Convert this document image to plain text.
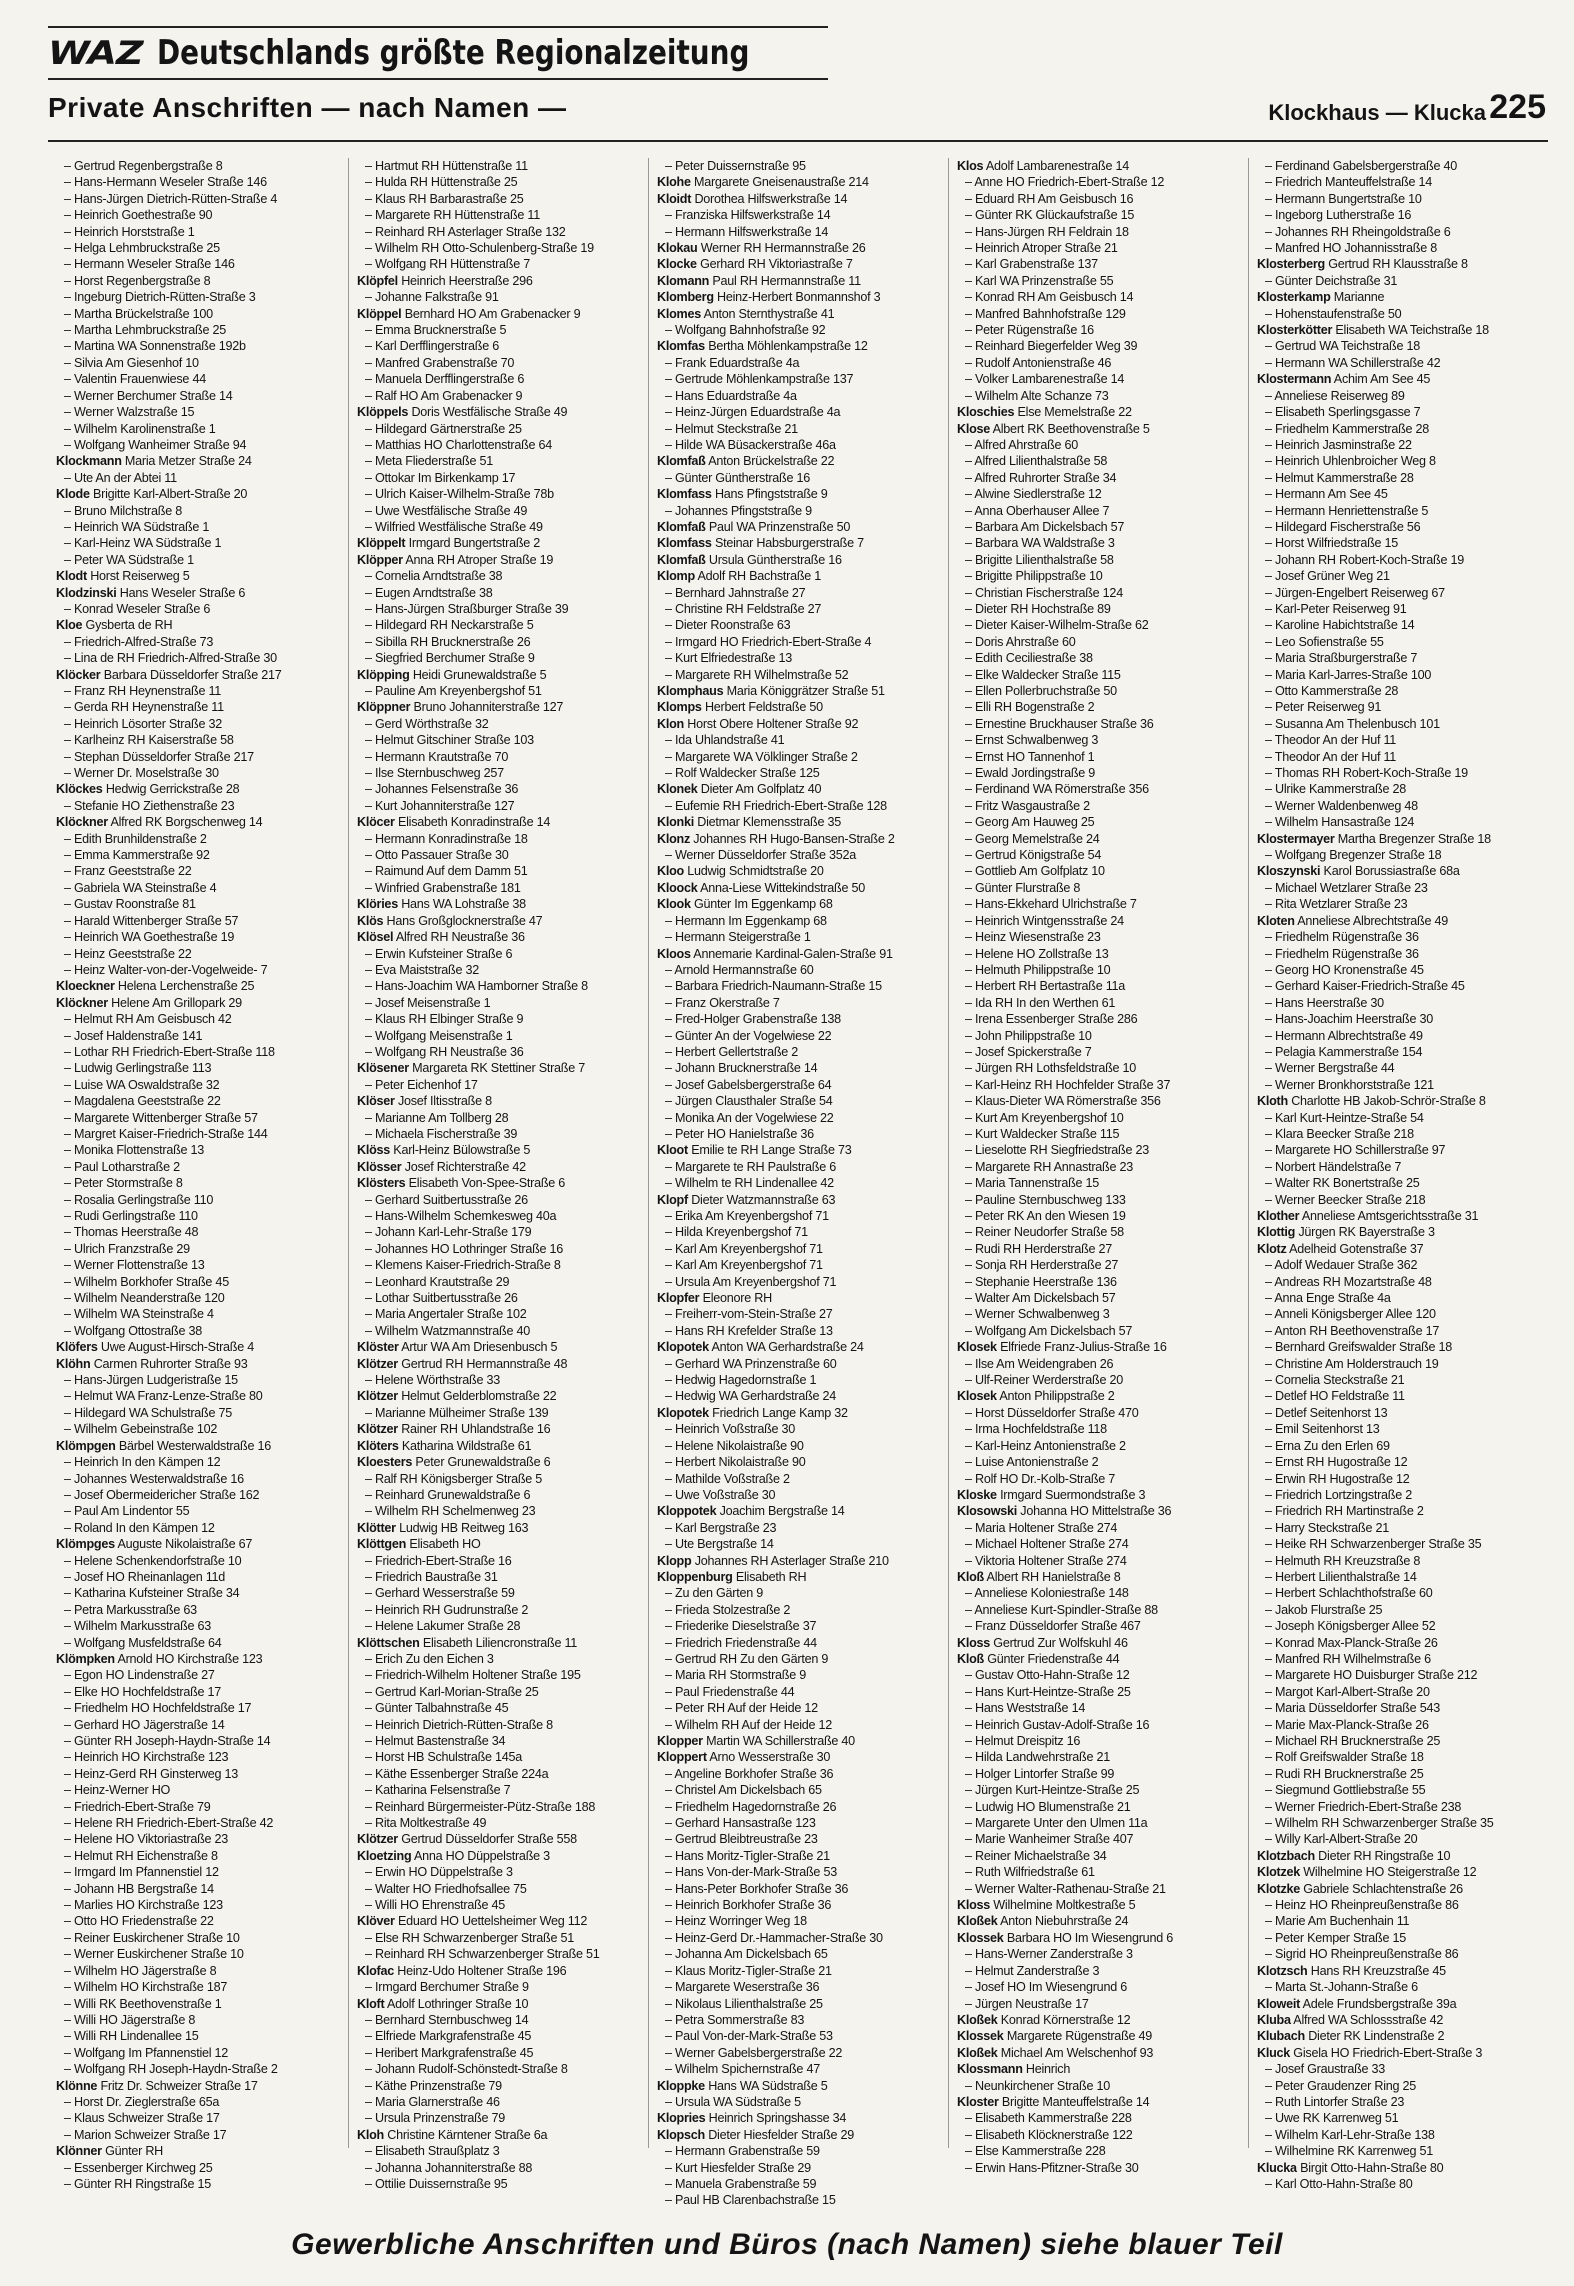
WAZ Deutschlands größte Regionalzeitung
Private Anschriften — nach Namen —	Klockhaus — Klucka 225
– Gertrud Regenbergstraße 8
– Hans-Hermann Weseler Straße 146
– Hans-Jürgen Dietrich-Rütten-Straße 4
– Heinrich Goethestraße 90
– Heinrich Horststraße 1
– Helga Lehmbruckstraße 25
– Hermann Weseler Straße 146
– Horst Regenbergstraße 8
– Ingeburg Dietrich-Rütten-Straße 3
– Martha Brückelstraße 100
– Martha Lehmbruckstraße 25
– Martina WA Sonnenstraße 192b
– Silvia Am Giesenhof 10
– Valentin Frauenwiese 44
– Werner Berchumer Straße 14
– Werner Walzstraße 15
– Wilhelm Karolinenstraße 1
– Wolfgang Wanheimer Straße 94
Klockmann Maria Metzer Straße 24
– Ute An der Abtei 11
Klode Brigitte Karl-Albert-Straße 20
– Bruno Milchstraße 8
– Heinrich WA Südstraße 1
– Karl-Heinz WA Südstraße 1
– Peter WA Südstraße 1
Klodt Horst Reiserweg 5
Klodzinski Hans Weseler Straße 6
– Konrad Weseler Straße 6
Kloe Gysberta de RH
– Friedrich-Alfred-Straße 73
– Lina de RH Friedrich-Alfred-Straße 30
Klöcker Barbara Düsseldorfer Straße 217
– Franz RH Heynenstraße 11
– Gerda RH Heynenstraße 11
– Heinrich Lösorter Straße 32
– Karlheinz RH Kaiserstraße 58
– Stephan Düsseldorfer Straße 217
– Werner Dr. Moselstraße 30
Klöckes Hedwig Gerrickstraße 28
– Stefanie HO Ziethenstraße 23
Klöckner Alfred RK Borgschenweg 14
– Edith Brunhildenstraße 2
– Emma Kammerstraße 92
– Franz Geeststraße 22
– Gabriela WA Steinstraße 4
– Gustav Roonstraße 81
– Harald Wittenberger Straße 57
– Heinrich WA Goethestraße 19
– Heinz Geeststraße 22
– Heinz Walter-von-der-Vogelweide- 7
Kloeckner Helena Lerchenstraße 25
Klöckner Helene Am Grillopark 29
– Helmut RH Am Geisbusch 42
– Josef Haldenstraße 141
– Lothar RH Friedrich-Ebert-Straße 118
– Ludwig Gerlingstraße 113
– Luise WA Oswaldstraße 32
– Magdalena Geeststraße 22
– Margarete Wittenberger Straße 57
– Margret Kaiser-Friedrich-Straße 144
– Monika Flottenstraße 13
– Paul Lotharstraße 2
– Peter Stormstraße 8
– Rosalia Gerlingstraße 110
– Rudi Gerlingstraße 110
– Thomas Heerstraße 48
– Ulrich Franzstraße 29
– Werner Flottenstraße 13
– Wilhelm Borkhofer Straße 45
– Wilhelm Neanderstraße 120
– Wilhelm WA Steinstraße 4
– Wolfgang Ottostraße 38
Klöfers Uwe August-Hirsch-Straße 4
Klöhn Carmen Ruhrorter Straße 93
– Hans-Jürgen Ludgeristraße 15
– Helmut WA Franz-Lenze-Straße 80
– Hildegard WA Schulstraße 75
– Wilhelm Gebeinstraße 102
Klömpgen Bärbel Westerwaldstraße 16
– Heinrich In den Kämpen 12
– Johannes Westerwaldstraße 16
– Josef Obermeidericher Straße 162
– Paul Am Lindentor 55
– Roland In den Kämpen 12
Klömpges Auguste Nikolaistraße 67
– Helene Schenkendorfstraße 10
– Josef HO Rheinanlagen 11d
– Katharina Kufsteiner Straße 34
– Petra Markusstraße 63
– Wilhelm Markusstraße 63
– Wolfgang Musfeldstraße 64
Klömpken Arnold HO Kirchstraße 123
– Egon HO Lindenstraße 27
– Elke HO Hochfeldstraße 17
– Friedhelm HO Hochfeldstraße 17
– Gerhard HO Jägerstraße 14
– Günter RH Joseph-Haydn-Straße 14
– Heinrich HO Kirchstraße 123
– Heinz-Gerd RH Ginsterweg 13
– Heinz-Werner HO
– Friedrich-Ebert-Straße 79
– Helene RH Friedrich-Ebert-Straße 42
– Helene HO Viktoriastraße 23
– Helmut RH Eichenstraße 8
– Irmgard Im Pfannenstiel 12
– Johann HB Bergstraße 14
– Marlies HO Kirchstraße 123
– Otto HO Friedenstraße 22
– Reiner Euskirchener Straße 10
– Werner Euskirchener Straße 10
– Wilhelm HO Jägerstraße 8
– Wilhelm HO Kirchstraße 187
– Willi RK Beethovenstraße 1
– Willi HO Jägerstraße 8
– Willi RH Lindenallee 15
– Wolfgang Im Pfannenstiel 12
– Wolfgang RH Joseph-Haydn-Straße 2
Klönne Fritz Dr. Schweizer Straße 17
– Horst Dr. Zieglerstraße 65a
– Klaus Schweizer Straße 17
– Marion Schweizer Straße 17
Klönner Günter RH
– Essenberger Kirchweg 25
– Günter RH Ringstraße 15
– Hartmut RH Hüttenstraße 11
– Hulda RH Hüttenstraße 25
– Klaus RH Barbarastraße 25
– Margarete RH Hüttenstraße 11
– Reinhard RH Asterlager Straße 132
– Wilhelm RH Otto-Schulenberg-Straße 19
– Wolfgang RH Hüttenstraße 7
Klöpfel Heinrich Heerstraße 296
– Johanne Falkstraße 91
Klöppel Bernhard HO Am Grabenacker 9
– Emma Brucknerstraße 5
– Karl Derfflingerstraße 6
– Manfred Grabenstraße 70
– Manuela Derfflingerstraße 6
– Ralf HO Am Grabenacker 9
Klöppels Doris Westfälische Straße 49
– Hildegard Gärtnerstraße 25
– Matthias HO Charlottenstraße 64
– Meta Fliederstraße 51
– Ottokar Im Birkenkamp 17
– Ulrich Kaiser-Wilhelm-Straße 78b
– Uwe Westfälische Straße 49
– Wilfried Westfälische Straße 49
Klöppelt Irmgard Bungertstraße 2
Klöpper Anna RH Atroper Straße 19
– Cornelia Arndtstraße 38
– Eugen Arndtstraße 38
– Hans-Jürgen Straßburger Straße 39
– Hildegard RH Neckarstraße 5
– Sibilla RH Brucknerstraße 26
– Siegfried Berchumer Straße 9
Klöpping Heidi Grunewaldstraße 5
– Pauline Am Kreyenbergshof 51
Klöppner Bruno Johanniterstraße 127
– Gerd Wörthstraße 32
– Helmut Gitschiner Straße 103
– Hermann Krautstraße 70
– Ilse Sternbuschweg 257
– Johannes Felsenstraße 36
– Kurt Johanniterstraße 127
Klöcer Elisabeth Konradinstraße 14
– Hermann Konradinstraße 18
– Otto Passauer Straße 30
– Raimund Auf dem Damm 51
– Winfried Grabenstraße 181
Klöries Hans WA Lohstraße 38
Klös Hans Großglocknerstraße 47
Klösel Alfred RH Neustraße 36
– Erwin Kufsteiner Straße 6
– Eva Maiststraße 32
– Hans-Joachim WA Hamborner Straße 8
– Josef Meisenstraße 1
– Klaus RH Elbinger Straße 9
– Wolfgang Meisenstraße 1
– Wolfgang RH Neustraße 36
Klösener Margareta RK Stettiner Straße 7
– Peter Eichenhof 17
Klöser Josef Iltisstraße 8
– Marianne Am Tollberg 28
– Michaela Fischerstraße 39
Klöss Karl-Heinz Bülowstraße 5
Klösser Josef Richterstraße 42
Klösters Elisabeth Von-Spee-Straße 6
– Gerhard Suitbertusstraße 26
– Hans-Wilhelm Schemkesweg 40a
– Johann Karl-Lehr-Straße 179
– Johannes HO Lothringer Straße 16
– Klemens Kaiser-Friedrich-Straße 8
– Leonhard Krautstraße 29
– Lothar Suitbertusstraße 26
– Maria Angertaler Straße 102
– Wilhelm Watzmannstraße 40
Klöster Artur WA Am Driesenbusch 5
Klötzer Gertrud RH Hermannstraße 48
– Helene Wörthstraße 33
Klötzer Helmut Gelderblomstraße 22
– Marianne Mülheimer Straße 139
Klötzer Rainer RH Uhlandstraße 16
Klöters Katharina Wildstraße 61
Kloesters Peter Grunewaldstraße 6
– Ralf RH Königsberger Straße 5
– Reinhard Grunewaldstraße 6
– Wilhelm RH Schelmenweg 23
Klötter Ludwig HB Reitweg 163
Klöttgen Elisabeth HO
– Friedrich-Ebert-Straße 16
– Friedrich Baustraße 31
– Gerhard Wesserstraße 59
– Heinrich RH Gudrunstraße 2
– Helene Lakumer Straße 28
Klöttschen Elisabeth Liliencronstraße 11
– Erich Zu den Eichen 3
– Friedrich-Wilhelm Holtener Straße 195
– Gertrud Karl-Morian-Straße 25
– Günter Talbahnstraße 45
– Heinrich Dietrich-Rütten-Straße 8
– Helmut Bastenstraße 34
– Horst HB Schulstraße 145a
– Käthe Essenberger Straße 224a
– Katharina Felsenstraße 7
– Reinhard Bürgermeister-Pütz-Straße 188
– Rita Moltkestraße 49
Klötzer Gertrud Düsseldorfer Straße 558
Kloetzing Anna HO Düppelstraße 3
– Erwin HO Düppelstraße 3
– Walter HO Friedhofsallee 75
– Willi HO Ehrenstraße 45
Klöver Eduard HO Uettelsheimer Weg 112
– Else RH Schwarzenberger Straße 51
– Reinhard RH Schwarzenberger Straße 51
Klofac Heinz-Udo Holtener Straße 196
– Irmgard Berchumer Straße 9
Kloft Adolf Lothringer Straße 10
– Bernhard Sternbuschweg 14
– Elfriede Markgrafenstraße 45
– Heribert Markgrafenstraße 45
– Johann Rudolf-Schönstedt-Straße 8
– Käthe Prinzenstraße 79
– Maria Glarnerstraße 46
– Ursula Prinzenstraße 79
Kloh Christine Kärntener Straße 6a
– Elisabeth Straußplatz 3
– Johanna Johanniterstraße 88
– Ottilie Duissernstraße 95
– Peter Duissernstraße 95
Klohe Margarete Gneisenaustraße 214
Kloidt Dorothea Hilfswerkstraße 14
– Franziska Hilfswerkstraße 14
– Hermann Hilfswerkstraße 14
Klokau Werner RH Hermannstraße 26
Klocke Gerhard RH Viktoriastraße 7
Klomann Paul RH Hermannstraße 11
Klomberg Heinz-Herbert Bonmannshof 3
Klomes Anton Sternthystraße 41
– Wolfgang Bahnhofstraße 92
Klomfas Bertha Möhlenkampstraße 12
– Frank Eduardstraße 4a
– Gertrude Möhlenkampstraße 137
– Hans Eduardstraße 4a
– Heinz-Jürgen Eduardstraße 4a
– Helmut Steckstraße 21
– Hilde WA Büsackerstraße 46a
Klomfaß Anton Brückelstraße 22
– Günter Güntherstraße 16
Klomfass Hans Pfingststraße 9
– Johannes Pfingststraße 9
Klomfaß Paul WA Prinzenstraße 50
Klomfass Steinar Habsburgerstraße 7
Klomfaß Ursula Güntherstraße 16
Klomp Adolf RH Bachstraße 1
– Bernhard Jahnstraße 27
– Christine RH Feldstraße 27
– Dieter Roonstraße 63
– Irmgard HO Friedrich-Ebert-Straße 4
– Kurt Elfriedestraße 13
– Margarete RH Wilhelmstraße 52
Klomphaus Maria Königgrätzer Straße 51
Klomps Herbert Feldstraße 50
Klon Horst Obere Holtener Straße 92
– Ida Uhlandstraße 41
– Margarete WA Völklinger Straße 2
– Rolf Waldecker Straße 125
Klonek Dieter Am Golfplatz 40
– Eufemie RH Friedrich-Ebert-Straße 128
Klonki Dietmar Klemensstraße 35
Klonz Johannes RH Hugo-Bansen-Straße 2
– Werner Düsseldorfer Straße 352a
Kloo Ludwig Schmidtstraße 20
Kloock Anna-Liese Wittekindstraße 50
Klook Günter Im Eggenkamp 68
– Hermann Im Eggenkamp 68
– Hermann Steigerstraße 1
Kloos Annemarie Kardinal-Galen-Straße 91
– Arnold Hermannstraße 60
– Barbara Friedrich-Naumann-Straße 15
– Franz Okerstraße 7
– Fred-Holger Grabenstraße 138
– Günter An der Vogelwiese 22
– Herbert Gellertstraße 2
– Johann Brucknerstraße 14
– Josef Gabelsbergerstraße 64
– Jürgen Clausthaler Straße 54
– Monika An der Vogelwiese 22
– Peter HO Hanielstraße 36
Kloot Emilie te RH Lange Straße 73
– Margarete te RH Paulstraße 6
– Wilhelm te RH Lindenallee 42
Klopf Dieter Watzmannstraße 63
– Erika Am Kreyenbergshof 71
– Hilda Kreyenbergshof 71
– Karl Am Kreyenbergshof 71
– Karl Am Kreyenbergshof 71
– Ursula Am Kreyenbergshof 71
Klopfer Eleonore RH
– Freiherr-vom-Stein-Straße 27
– Hans RH Krefelder Straße 13
Klopotek Anton WA Gerhardstraße 24
– Gerhard WA Prinzenstraße 60
– Hedwig Hagedornstraße 1
– Hedwig WA Gerhardstraße 24
Klopotek Friedrich Lange Kamp 32
– Heinrich Voßstraße 30
– Helene Nikolaistraße 90
– Herbert Nikolaistraße 90
– Mathilde Voßstraße 2
– Uwe Voßstraße 30
Kloppotek Joachim Bergstraße 14
– Karl Bergstraße 23
– Ute Bergstraße 14
Klopp Johannes RH Asterlager Straße 210
Kloppenburg Elisabeth RH
– Zu den Gärten 9
– Frieda Stolzestraße 2
– Friederike Dieselstraße 37
– Friedrich Friedenstraße 44
– Gertrud RH Zu den Gärten 9
– Maria RH Stormstraße 9
– Paul Friedenstraße 44
– Peter RH Auf der Heide 12
– Wilhelm RH Auf der Heide 12
Klopper Martin WA Schillerstraße 40
Kloppert Arno Wesserstraße 30
– Angeline Borkhofer Straße 36
– Christel Am Dickelsbach 65
– Friedhelm Hagedornstraße 26
– Gerhard Hansastraße 123
– Gertrud Bleibtreustraße 23
– Hans Moritz-Tigler-Straße 21
– Hans Von-der-Mark-Straße 53
– Hans-Peter Borkhofer Straße 36
– Heinrich Borkhofer Straße 36
– Heinz Worringer Weg 18
– Heinz-Gerd Dr.-Hammacher-Straße 30
– Johanna Am Dickelsbach 65
– Klaus Moritz-Tigler-Straße 21
– Margarete Weserstraße 36
– Nikolaus Lilienthalstraße 25
– Petra Sommerstraße 83
– Paul Von-der-Mark-Straße 53
– Werner Gabelsbergerstraße 22
– Wilhelm Spichernstraße 47
Kloppke Hans WA Südstraße 5
– Ursula WA Südstraße 5
Klopries Heinrich Springshasse 34
Klopsch Dieter Hiesfelder Straße 29
– Hermann Grabenstraße 59
– Kurt Hiesfelder Straße 29
– Manuela Grabenstraße 59
– Paul HB Clarenbachstraße 15
Klos Adolf Lambarenestraße 14
– Anne HO Friedrich-Ebert-Straße 12
– Eduard RH Am Geisbusch 16
– Günter RK Glückaufstraße 15
– Hans-Jürgen RH Feldrain 18
– Heinrich Atroper Straße 21
– Karl Grabenstraße 137
– Karl WA Prinzenstraße 55
– Konrad RH Am Geisbusch 14
– Manfred Bahnhofstraße 129
– Peter Rügenstraße 16
– Reinhard Biegerfelder Weg 39
– Rudolf Antonienstraße 46
– Volker Lambarenestraße 14
– Wilhelm Alte Schanze 73
Kloschies Else Memelstraße 22
Klose Albert RK Beethovenstraße 5
– Alfred Ahrstraße 60
– Alfred Lilienthalstraße 58
– Alfred Ruhrorter Straße 34
– Alwine Siedlerstraße 12
– Anna Oberhauser Allee 7
– Barbara Am Dickelsbach 57
– Barbara WA Waldstraße 3
– Brigitte Lilienthalstraße 58
– Brigitte Philippstraße 10
– Christian Fischerstraße 124
– Dieter RH Hochstraße 89
– Dieter Kaiser-Wilhelm-Straße 62
– Doris Ahrstraße 60
– Edith Ceciliestraße 38
– Elke Waldecker Straße 115
– Ellen Pollerbruchstraße 50
– Elli RH Bogenstraße 2
– Ernestine Bruckhauser Straße 36
– Ernst Schwalbenweg 3
– Ernst HO Tannenhof 1
– Ewald Jordingstraße 9
– Ferdinand WA Römerstraße 356
– Fritz Wasgaustraße 2
– Georg Am Hauweg 25
– Georg Memelstraße 24
– Gertrud Königstraße 54
– Gottlieb Am Golfplatz 10
– Günter Flurstraße 8
– Hans-Ekkehard Ulrichstraße 7
– Heinrich Wintgensstraße 24
– Heinz Wiesenstraße 23
– Helene HO Zollstraße 13
– Helmuth Philippstraße 10
– Herbert RH Bertastraße 11a
– Ida RH In den Werthen 61
– Irena Essenberger Straße 286
– John Philippstraße 10
– Josef Spickerstraße 7
– Jürgen RH Lothsfeldstraße 10
– Karl-Heinz RH Hochfelder Straße 37
– Klaus-Dieter WA Römerstraße 356
– Kurt Am Kreyenbergshof 10
– Kurt Waldecker Straße 115
– Lieselotte RH Siegfriedstraße 23
– Margarete RH Annastraße 23
– Maria Tannenstraße 15
– Pauline Sternbuschweg 133
– Peter RK An den Wiesen 19
– Reiner Neudorfer Straße 58
– Rudi RH Herderstraße 27
– Sonja RH Herderstraße 27
– Stephanie Heerstraße 136
– Walter Am Dickelsbach 57
– Werner Schwalbenweg 3
– Wolfgang Am Dickelsbach 57
Klosek Elfriede Franz-Julius-Straße 16
– Ilse Am Weidengraben 26
– Ulf-Reiner Werderstraße 20
Klosek Anton Philippstraße 2
– Horst Düsseldorfer Straße 470
– Irma Hochfeldstraße 118
– Karl-Heinz Antonienstraße 2
– Luise Antonienstraße 2
– Rolf HO Dr.-Kolb-Straße 7
Kloske Irmgard Suermondstraße 3
Klosowski Johanna HO Mittelstraße 36
– Maria Holtener Straße 274
– Michael Holtener Straße 274
– Viktoria Holtener Straße 274
Kloß Albert RH Hanielstraße 8
– Anneliese Koloniestraße 148
– Anneliese Kurt-Spindler-Straße 88
– Franz Düsseldorfer Straße 467
Kloss Gertrud Zur Wolfskuhl 46
Kloß Günter Friedenstraße 44
– Gustav Otto-Hahn-Straße 12
– Hans Kurt-Heintze-Straße 25
– Hans Weststraße 14
– Heinrich Gustav-Adolf-Straße 16
– Helmut Dreispitz 16
– Hilda Landwehrstraße 21
– Holger Lintorfer Straße 99
– Jürgen Kurt-Heintze-Straße 25
– Ludwig HO Blumenstraße 21
– Margarete Unter den Ulmen 11a
– Marie Wanheimer Straße 407
– Reiner Michaelstraße 34
– Ruth Wilfriedstraße 61
– Werner Walter-Rathenau-Straße 21
Kloss Wilhelmine Moltkestraße 5
Kloßek Anton Niebuhrstraße 24
Klossek Barbara HO Im Wiesengrund 6
– Hans-Werner Zanderstraße 3
– Helmut Zanderstraße 3
– Josef HO Im Wiesengrund 6
– Jürgen Neustraße 17
Kloßek Konrad Körnerstraße 12
Klossek Margarete Rügenstraße 49
Kloßek Michael Am Welschenhof 93
Klossmann Heinrich
– Neunkirchener Straße 10
Kloster Brigitte Manteuffelstraße 14
– Elisabeth Kammerstraße 228
– Elisabeth Klöcknerstraße 122
– Else Kammerstraße 228
– Erwin Hans-Pfitzner-Straße 30
– Ferdinand Gabelsbergerstraße 40
– Friedrich Manteuffelstraße 14
– Hermann Bungertstraße 10
– Ingeborg Lutherstraße 16
– Johannes RH Rheingoldstraße 6
– Manfred HO Johannisstraße 8
Klosterberg Gertrud RH Klausstraße 8
– Günter Deichstraße 31
Klosterkamp Marianne
– Hohenstaufenstraße 50
Klosterkötter Elisabeth WA Teichstraße 18
– Gertrud WA Teichstraße 18
– Hermann WA Schillerstraße 42
Klostermann Achim Am See 45
– Anneliese Reiserweg 89
– Elisabeth Sperlingsgasse 7
– Friedhelm Kammerstraße 28
– Heinrich Jasminstraße 22
– Heinrich Uhlenbroicher Weg 8
– Helmut Kammerstraße 28
– Hermann Am See 45
– Hermann Henriettenstraße 5
– Hildegard Fischerstraße 56
– Horst Wilfriedstraße 15
– Johann RH Robert-Koch-Straße 19
– Josef Grüner Weg 21
– Jürgen-Engelbert Reiserweg 67
– Karl-Peter Reiserweg 91
– Karoline Habichtstraße 14
– Leo Sofienstraße 55
– Maria Straßburgerstraße 7
– Maria Karl-Jarres-Straße 100
– Otto Kammerstraße 28
– Peter Reiserweg 91
– Susanna Am Thelenbusch 101
– Theodor An der Huf 11
– Theodor An der Huf 11
– Thomas RH Robert-Koch-Straße 19
– Ulrike Kammerstraße 28
– Werner Waldenbenweg 48
– Wilhelm Hansastraße 124
Klostermayer Martha Bregenzer Straße 18
– Wolfgang Bregenzer Straße 18
Kloszynski Karol Borussiastraße 68a
– Michael Wetzlarer Straße 23
– Rita Wetzlarer Straße 23
Kloten Anneliese Albrechtstraße 49
– Friedhelm Rügenstraße 36
– Friedhelm Rügenstraße 36
– Georg HO Kronenstraße 45
– Gerhard Kaiser-Friedrich-Straße 45
– Hans Heerstraße 30
– Hans-Joachim Heerstraße 30
– Hermann Albrechtstraße 49
– Pelagia Kammerstraße 154
– Werner Bergstraße 44
– Werner Bronkhorststraße 121
Kloth Charlotte HB Jakob-Schrör-Straße 8
– Karl Kurt-Heintze-Straße 54
– Klara Beecker Straße 218
– Margarete HO Schillerstraße 97
– Norbert Händelstraße 7
– Walter RK Bonertstraße 25
– Werner Beecker Straße 218
Klother Anneliese Amtsgerichtsstraße 31
Klottig Jürgen RK Bayerstraße 3
Klotz Adelheid Gotenstraße 37
– Adolf Wedauer Straße 362
– Andreas RH Mozartstraße 48
– Anna Enge Straße 4a
– Anneli Königsberger Allee 120
– Anton RH Beethovenstraße 17
– Bernhard Greifswalder Straße 18
– Christine Am Holderstrauch 19
– Cornelia Steckstraße 21
– Detlef HO Feldstraße 11
– Detlef Seitenhorst 13
– Emil Seitenhorst 13
– Erna Zu den Erlen 69
– Ernst RH Hugostraße 12
– Erwin RH Hugostraße 12
– Friedrich Lortzingstraße 2
– Friedrich RH Martinstraße 2
– Harry Steckstraße 21
– Heike RH Schwarzenberger Straße 35
– Helmuth RH Kreuzstraße 8
– Herbert Lilienthalstraße 14
– Herbert Schlachthofstraße 60
– Jakob Flurstraße 25
– Joseph Königsberger Allee 52
– Konrad Max-Planck-Straße 26
– Manfred RH Wilhelmstraße 6
– Margarete HO Duisburger Straße 212
– Margot Karl-Albert-Straße 20
– Maria Düsseldorfer Straße 543
– Marie Max-Planck-Straße 26
– Michael RH Brucknerstraße 25
– Rolf Greifswalder Straße 18
– Rudi RH Brucknerstraße 25
– Siegmund Gottliebstraße 55
– Werner Friedrich-Ebert-Straße 238
– Wilhelm RH Schwarzenberger Straße 35
– Willy Karl-Albert-Straße 20
Klotzbach Dieter RH Ringstraße 10
Klotzek Wilhelmine HO Steigerstraße 12
Klotzke Gabriele Schlachtenstraße 26
– Heinz HO Rheinpreußenstraße 86
– Marie Am Buchenhain 11
– Peter Kemper Straße 15
– Sigrid HO Rheinpreußenstraße 86
Klotzsch Hans RH Kreuzstraße 45
– Marta St.-Johann-Straße 6
Kloweit Adele Frundsbergstraße 39a
Kluba Alfred WA Schlossstraße 42
Klubach Dieter RK Lindenstraße 2
Kluck Gisela HO Friedrich-Ebert-Straße 3
– Josef Graustraße 33
– Peter Graudenzer Ring 25
– Ruth Lintorfer Straße 23
– Uwe RK Karrenweg 51
– Wilhelm Karl-Lehr-Straße 138
– Wilhelmine RK Karrenweg 51
Klucka Birgit Otto-Hahn-Straße 80
– Karl Otto-Hahn-Straße 80
Gewerbliche Anschriften und Büros (nach Namen) siehe blauer Teil
